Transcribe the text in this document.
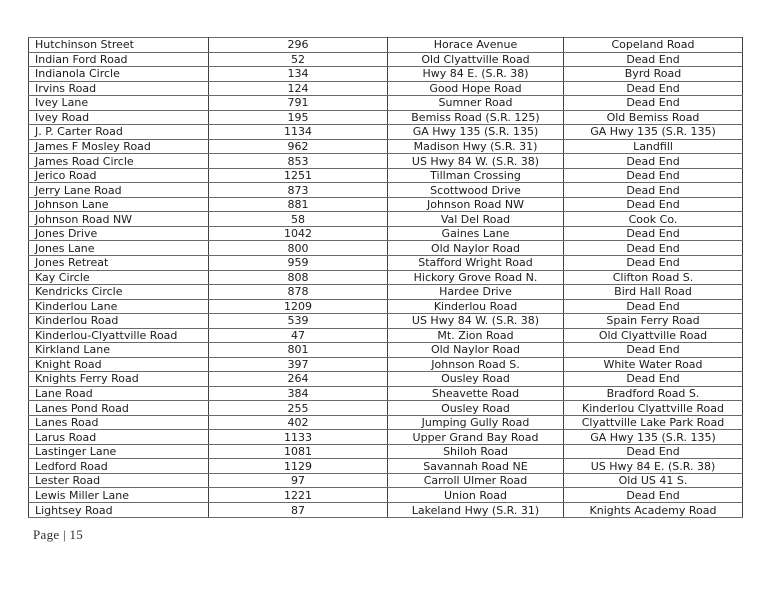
Hutchinson Street	296	Horace Avenue	Copeland Road
Indian Ford Road	52	Old Clyattville Road	Dead End
Indianola Circle	134	Hwy 84 E. (S.R. 38)	Byrd Road
Irvins Road	124	Good Hope Road	Dead End
Ivey Lane	791	Sumner Road	Dead End
Ivey Road	195	Bemiss Road (S.R. 125)	Old Bemiss Road
J. P. Carter Road	1134	GA Hwy 135 (S.R. 135)	GA Hwy 135 (S.R. 135)
James F Mosley Road	962	Madison Hwy (S.R. 31)	Landfill
James Road Circle	853	US Hwy 84 W. (S.R. 38)	Dead End
Jerico Road	1251	Tillman Crossing	Dead End
Jerry Lane Road	873	Scottwood Drive	Dead End
Johnson Lane	881	Johnson Road NW	Dead End
Johnson Road NW	58	Val Del Road	Cook Co.
Jones Drive	1042	Gaines Lane	Dead End
Jones Lane	800	Old Naylor Road	Dead End
Jones Retreat	959	Stafford Wright Road	Dead End
Kay Circle	808	Hickory Grove Road N.	Clifton Road S.
Kendricks Circle	878	Hardee Drive	Bird Hall Road
Kinderlou Lane	1209	Kinderlou Road	Dead End
Kinderlou Road	539	US Hwy 84 W. (S.R. 38)	Spain Ferry Road
Kinderlou-Clyattville Road	47	Mt. Zion Road	Old Clyattville Road
Kirkland Lane	801	Old Naylor Road	Dead End
Knight Road	397	Johnson Road S.	White Water Road
Knights Ferry Road	264	Ousley Road	Dead End
Lane Road	384	Sheavette Road	Bradford Road S.
Lanes Pond Road	255	Ousley Road	Kinderlou Clyattville Road
Lanes Road	402	Jumping Gully Road	Clyattville Lake Park Road
Larus Road	1133	Upper Grand Bay Road	GA Hwy 135 (S.R. 135)
Lastinger Lane	1081	Shiloh Road	Dead End
Ledford Road	1129	Savannah Road NE	US Hwy 84 E. (S.R. 38)
Lester Road	97	Carroll Ulmer Road	Old US 41 S.
Lewis Miller Lane	1221	Union Road	Dead End
Lightsey Road	87	Lakeland Hwy (S.R. 31)	Knights Academy Road
Page | 15
